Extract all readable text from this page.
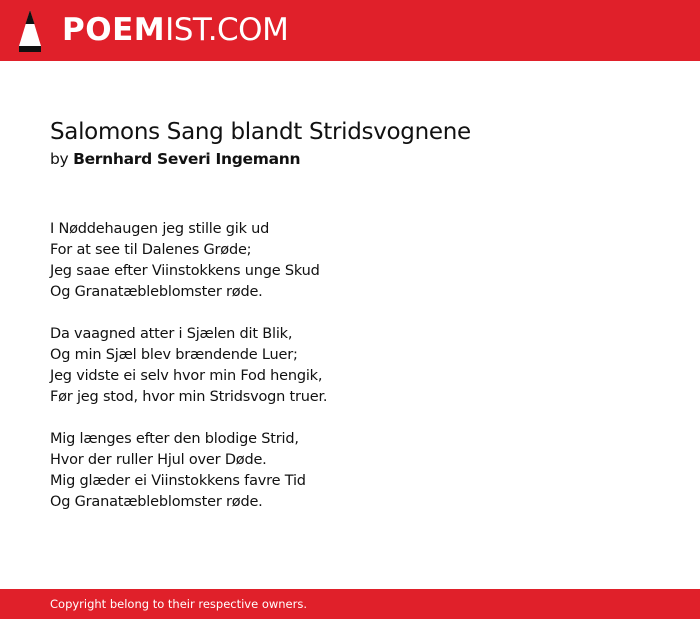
POEMIST.COM
Salomons Sang blandt Stridsvognene
by Bernhard Severi Ingemann
I Nøddehaugen jeg stille gik ud
For at see til Dalenes Grøde;
Jeg saae efter Viinstokkens unge Skud
Og Granatæbleblomster røde.
Da vaagned atter i Sjælen dit Blik,
Og min Sjæl blev brændende Luer;
Jeg vidste ei selv hvor min Fod hengik,
Før jeg stod, hvor min Stridsvogn truer.
Mig længes efter den blodige Strid,
Hvor der ruller Hjul over Døde.
Mig glæder ei Viinstokkens favre Tid
Og Granatæbleblomster røde.
Copyright belong to their respective owners.
